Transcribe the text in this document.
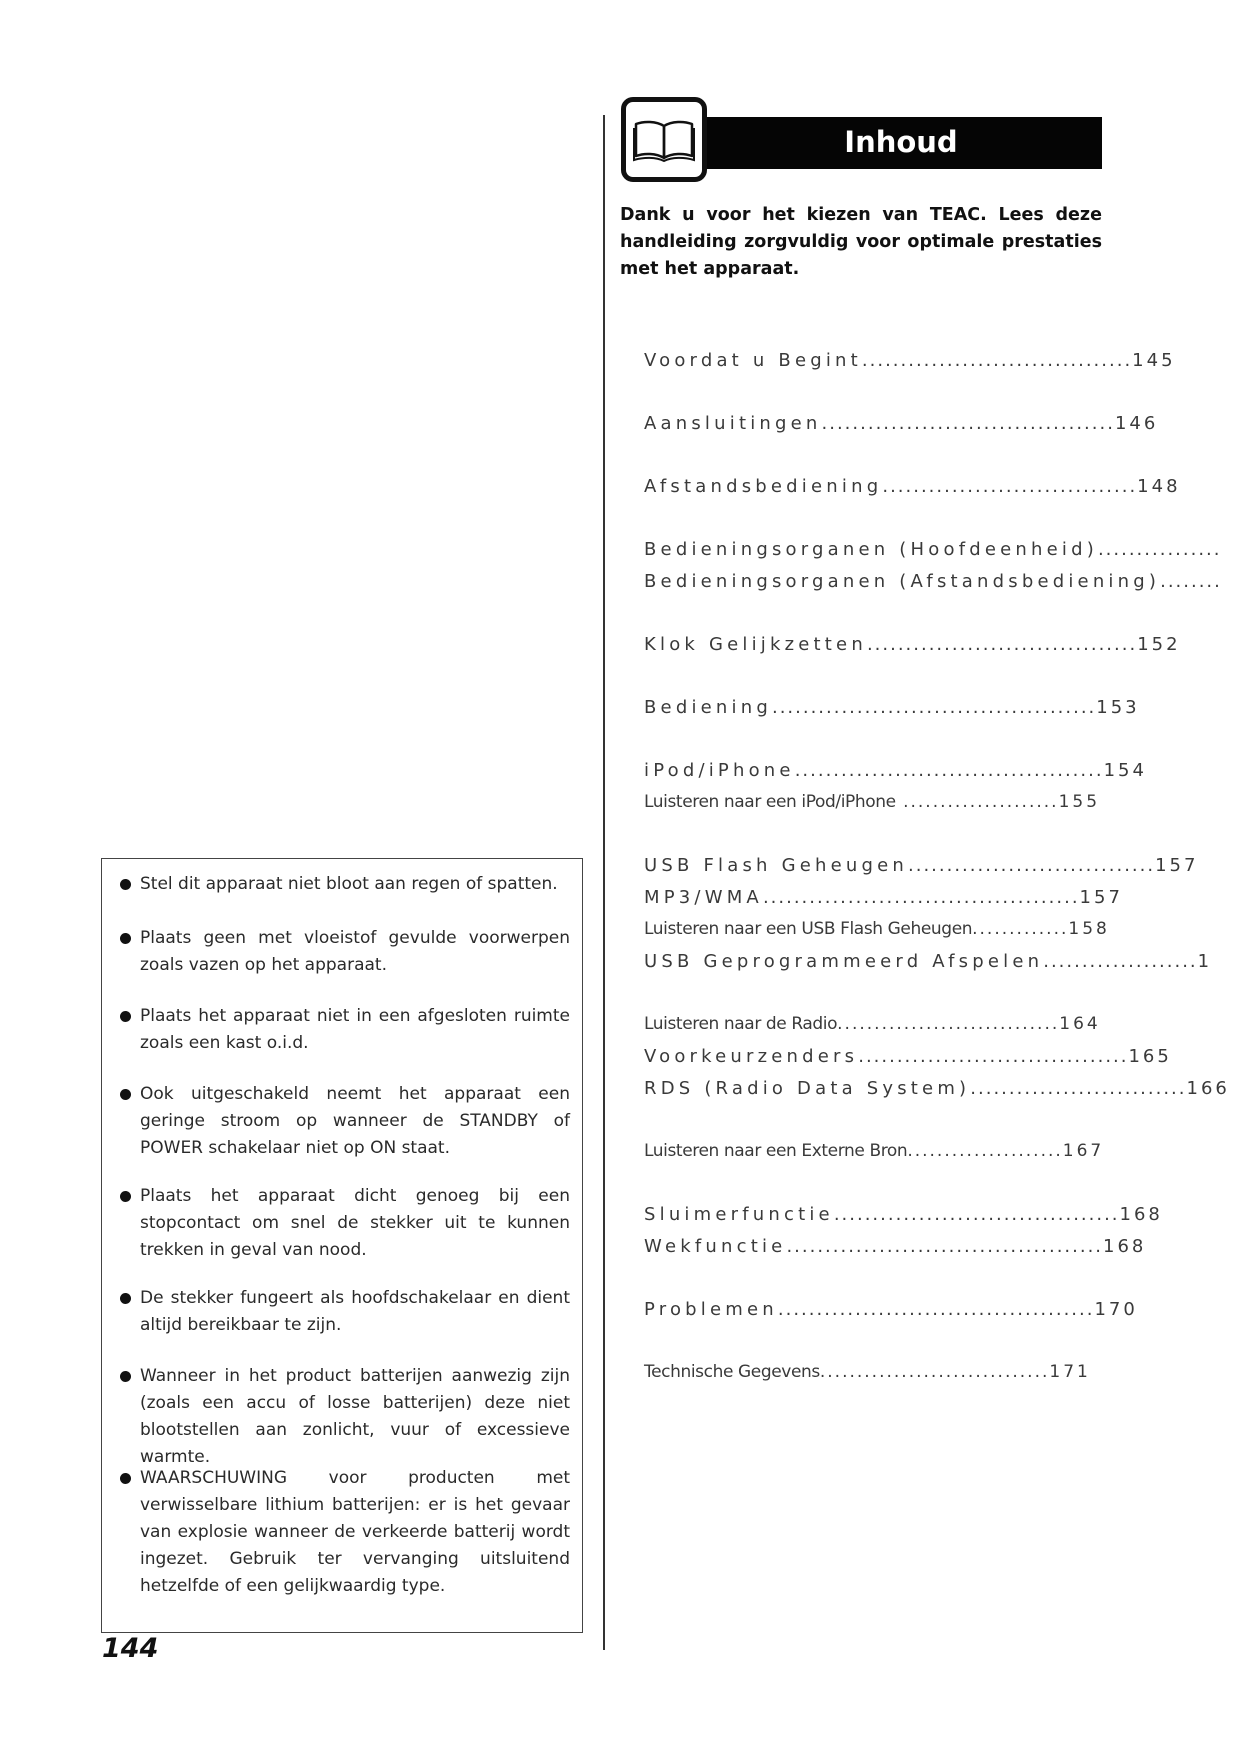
Inhoud
Dank u voor het kiezen van TEAC. Lees deze handleiding zorgvuldig voor optimale prestaties met het apparaat.
Voordat u Begint...................................145
Aansluitingen......................................146
Afstandsbediening.................................148
Bedieningsorganen (Hoofdeenheid)................
Bedieningsorganen (Afstandsbediening)........
Klok Gelijkzetten...................................152
Bediening..........................................153
iPod/iPhone........................................154
Luisteren naar een iPod/iPhone .....................155
USB Flash Geheugen................................157
MP3/WMA.........................................157
Luisteren naar een USB Flash Geheugen.............158
USB Geprogrammeerd Afspelen....................1
Luisteren naar de Radio..............................164
Voorkeurzenders...................................165
RDS (Radio Data System)............................166
Luisteren naar een Externe Bron.....................167
Sluimerfunctie.....................................168
Wekfunctie.........................................168
Problemen.........................................170
Technische Gegevens...............................171
Stel dit apparaat niet bloot aan regen of spatten.
Plaats geen met vloeistof gevulde voorwerpen zoals vazen op het apparaat.
Plaats het apparaat niet in een afgesloten ruimte zoals een kast o.i.d.
Ook uitgeschakeld neemt het apparaat een geringe stroom op wanneer de STANDBY of POWER schakelaar niet op ON staat.
Plaats het apparaat dicht genoeg bij een stopcontact om snel de stekker uit te kunnen trekken in geval van nood.
De stekker fungeert als hoofdschakelaar en dient altijd bereikbaar te zijn.
Wanneer in het product batterijen aanwezig zijn (zoals een accu of losse batterijen) deze niet blootstellen aan zonlicht, vuur of excessieve warmte.
WAARSCHUWING voor producten met verwisselbare lithium batterijen: er is het gevaar van explosie wanneer de verkeerde batterij wordt ingezet. Gebruik ter vervanging uitsluitend hetzelfde of een gelijkwaardig type.
144
